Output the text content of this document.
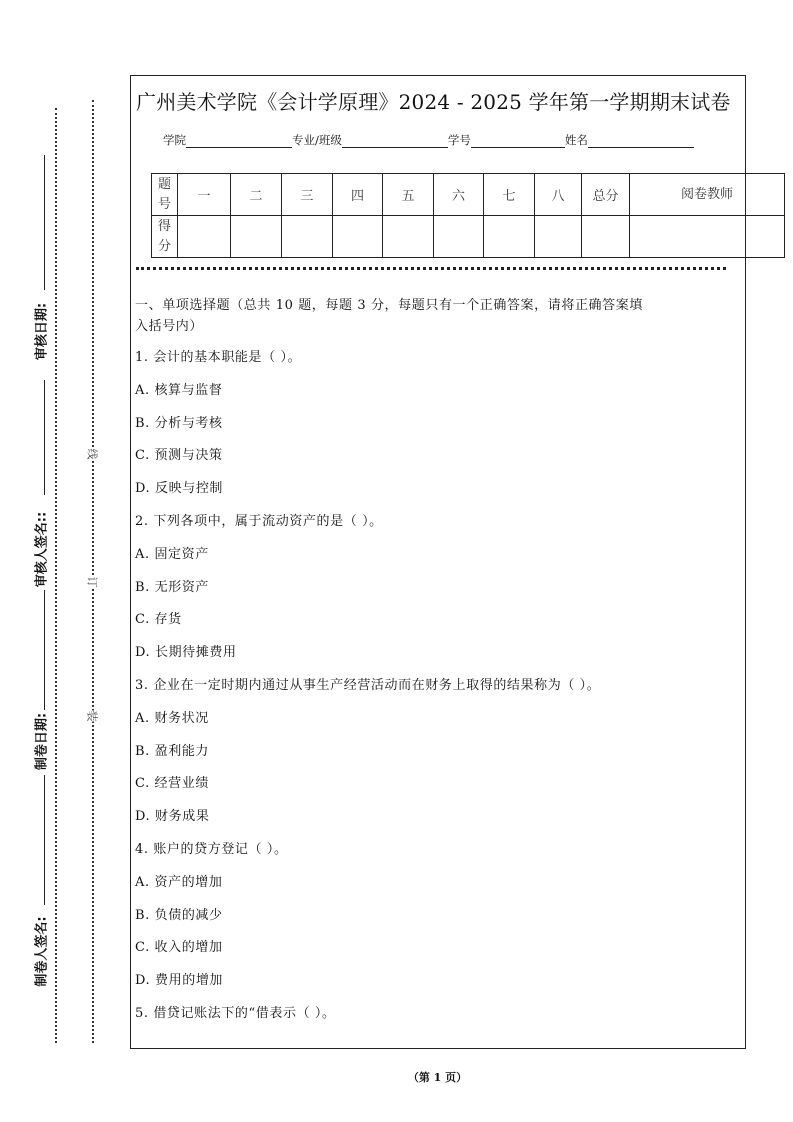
线
订
装
审核日期:
审核人签名::
制卷日期:
制卷人签名:
广州美术学院《会计学原理》2024 - 2025 学年第一学期期末试卷
学院	专业/班级	学号	姓名
题号	一	二	三	四	五	六	七	八	总分	阅卷教师
得分										
一、单项选择题（总共 10 题，每题 3 分，每题只有一个正确答案，请将正确答案填
入括号内）
（第 1 页）
1. 会计的基本职能是（ ）。
A. 核算与监督
B. 分析与考核
C. 预测与决策
D. 反映与控制
2. 下列各项中，属于流动资产的是（ ）。
A. 固定资产
B. 无形资产
C. 存货
D. 长期待摊费用
3. 企业在一定时期内通过从事生产经营活动而在财务上取得的结果称为（ ）。
A. 财务状况
B. 盈利能力
C. 经营业绩
D. 财务成果
4. 账户的贷方登记（ ）。
A. 资产的增加
B. 负债的减少
C. 收入的增加
D. 费用的增加
5. 借贷记账法下的“借表示（ ）。
